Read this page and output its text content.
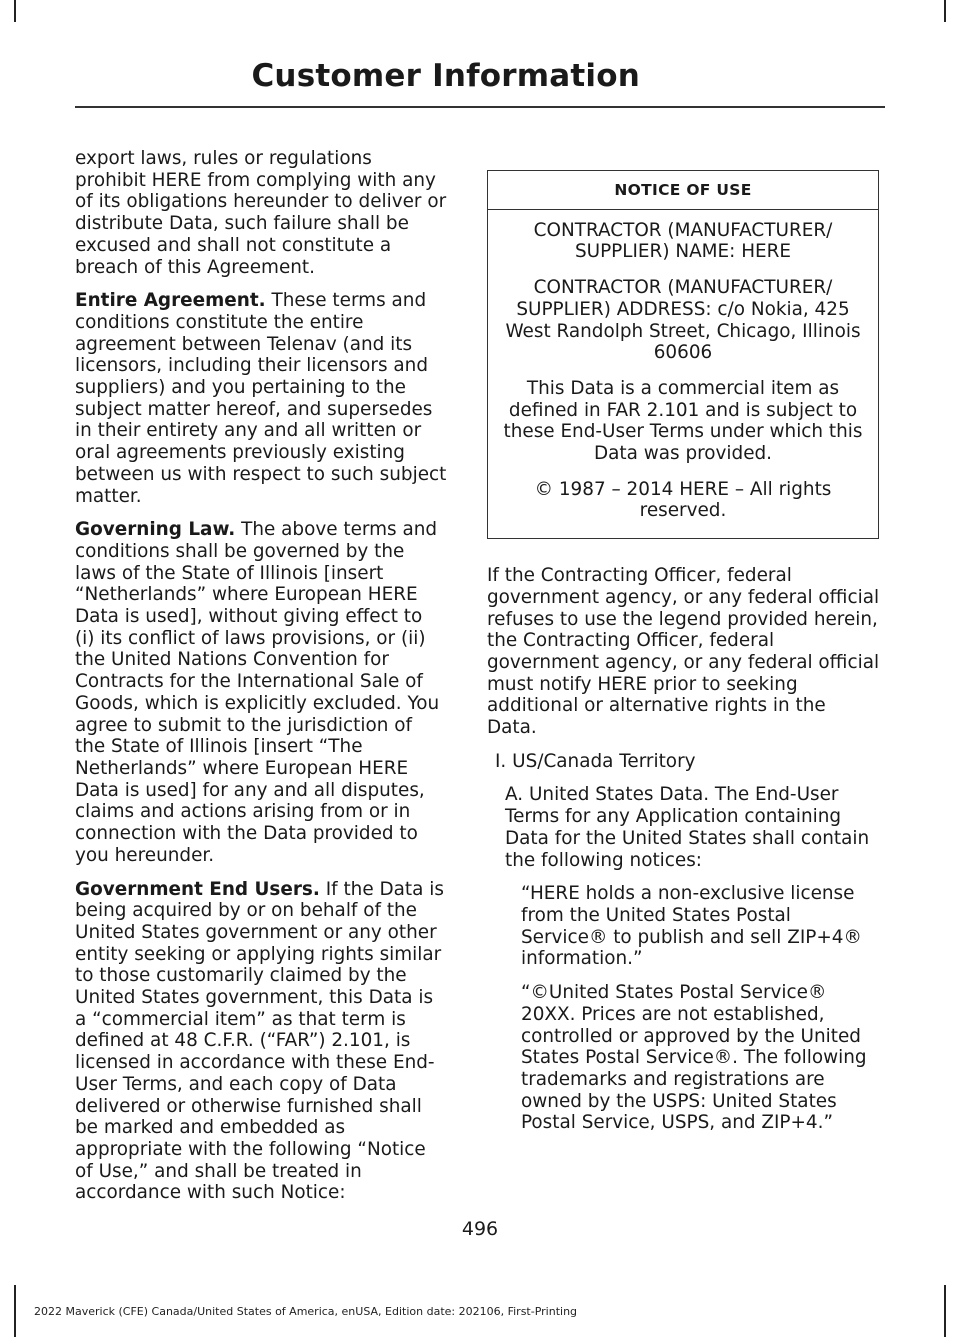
Customer Information

export laws, rules or regulations prohibit HERE from complying with any of its obligations hereunder to deliver or distribute Data, such failure shall be excused and shall not constitute a breach of this Agreement.

Entire Agreement. These terms and conditions constitute the entire agreement between Telenav (and its licensors, including their licensors and suppliers) and you pertaining to the subject matter hereof, and supersedes in their entirety any and all written or oral agreements previously existing between us with respect to such subject matter.

Governing Law. The above terms and conditions shall be governed by the laws of the State of Illinois [insert “Netherlands” where European HERE Data is used], without giving effect to (i) its conflict of laws provisions, or (ii) the United Nations Convention for Contracts for the International Sale of Goods, which is explicitly excluded. You agree to submit to the jurisdiction of the State of Illinois [insert “The Netherlands” where European HERE Data is used] for any and all disputes, claims and actions arising from or in connection with the Data provided to you hereunder.

Government End Users. If the Data is being acquired by or on behalf of the United States government or any other entity seeking or applying rights similar to those customarily claimed by the United States government, this Data is a “commercial item” as that term is defined at 48 C.F.R. (“FAR”) 2.101, is licensed in accordance with these End-User Terms, and each copy of Data delivered or otherwise furnished shall be marked and embedded as appropriate with the following “Notice of Use,” and shall be treated in accordance with such Notice:

NOTICE OF USE

CONTRACTOR (MANUFACTURER/ SUPPLIER) NAME: HERE

CONTRACTOR (MANUFACTURER/ SUPPLIER) ADDRESS: c/o Nokia, 425 West Randolph Street, Chicago, Illinois 60606

This Data is a commercial item as defined in FAR 2.101 and is subject to these End-User Terms under which this Data was provided.

© 1987 – 2014 HERE – All rights reserved.

If the Contracting Officer, federal government agency, or any federal official refuses to use the legend provided herein, the Contracting Officer, federal government agency, or any federal official must notify HERE prior to seeking additional or alternative rights in the Data.

I. US/Canada Territory

A. United States Data. The End-User Terms for any Application containing Data for the United States shall contain the following notices:

“HERE holds a non-exclusive license from the United States Postal Service® to publish and sell ZIP+4® information.”

“©United States Postal Service® 20XX. Prices are not established, controlled or approved by the United States Postal Service®. The following trademarks and registrations are owned by the USPS: United States Postal Service, USPS, and ZIP+4.”

496
2022 Maverick (CFE) Canada/United States of America, enUSA, Edition date: 202106, First-Printing
